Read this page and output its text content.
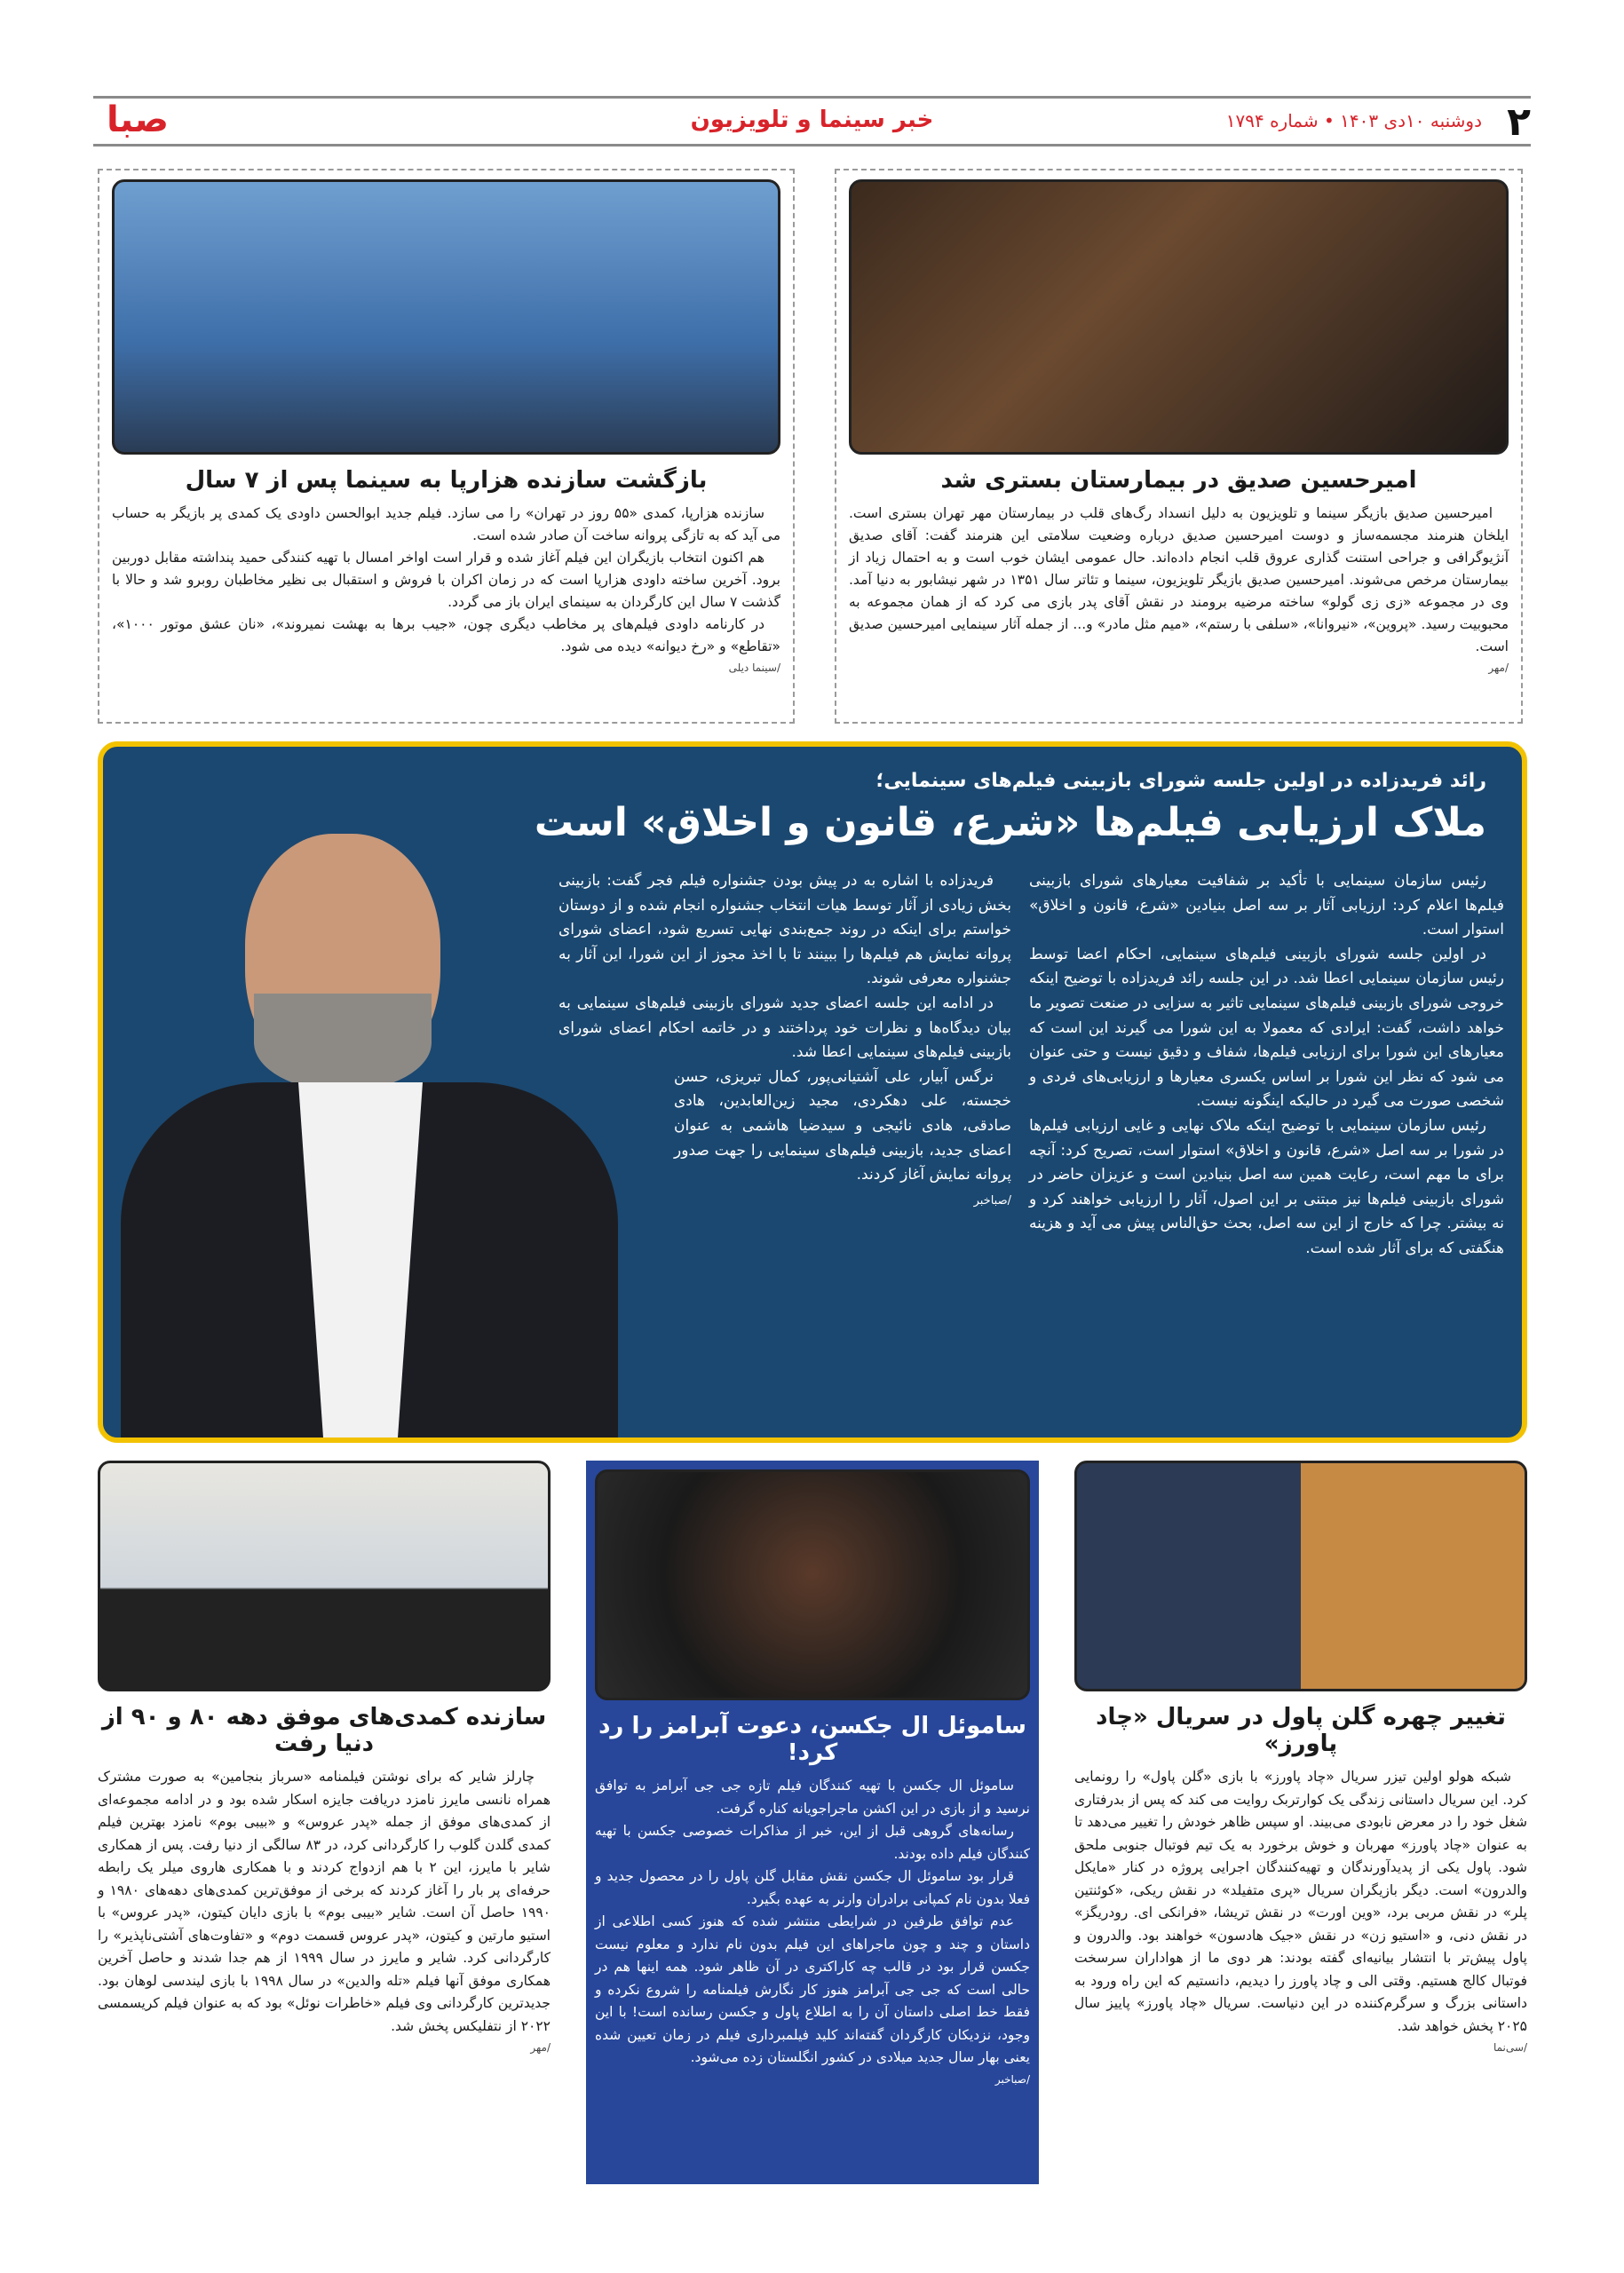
۲
دوشنبه ۱۰دی ۱۴۰۳ • شماره ۱۷۹۴
خبر سینما و تلویزیون
صبا
امیرحسین صدیق در بیمارستان بستری شد

امیرحسین صدیق بازیگر سینما و تلویزیون به دلیل انسداد رگ‌های قلب در بیمارستان مهر تهران بستری است. ایلخان هنرمند مجسمه‌ساز و دوست امیرحسین صدیق درباره وضعیت سلامتی این هنرمند گفت: آقای صدیق آنژیوگرافی و جراحی استنت گذاری عروق قلب انجام داده‌اند. حال عمومی ایشان خوب است و به احتمال زیاد از بیمارستان مرخص می‌شوند. امیرحسین صدیق بازیگر تلویزیون، سینما و تئاتر سال ۱۳۵۱ در شهر نیشابور به دنیا آمد. وی در مجموعه «زی زی گولو» ساخته مرضیه برومند در نقش آقای پدر بازی می کرد که از همان مجموعه به محبوبیت رسید. «پروین»، «نیروانا»، «سلفی با رستم»، «میم مثل مادر» و... از جمله آثار سینمایی امیرحسین صدیق است.

/مهر
بازگشت سازنده هزارپا به سینما پس از ۷ سال

سازنده هزارپا، کمدی «۵۵ روز در تهران» را می سازد. فیلم جدید ابوالحسن داودی یک کمدی پر بازیگر به حساب می آید که به تازگی پروانه ساخت آن صادر شده است.

هم اکنون انتخاب بازیگران این فیلم آغاز شده و قرار است اواخر امسال با تهیه کنندگی حمید پنداشته مقابل دوربین برود. آخرین ساخته داودی هزارپا است که در زمان اکران با فروش و استقبال بی نظیر مخاطبان روبرو شد و حالا با گذشت ۷ سال این کارگردان به سینمای ایران باز می گردد.

در کارنامه داودی فیلم‌های پر مخاطب دیگری چون، «جیب برها به بهشت نمیروند»، «نان عشق موتور ۱۰۰۰»، «تقاطع» و «رخ دیوانه» دیده می شود.

/سینما دیلی
رائد فریدزاده در اولین جلسه شورای بازبینی فیلم‌های سینمایی؛
ملاک ارزیابی فیلم‌ها «شرع، قانون و اخلاق» است

رئیس سازمان سینمایی با تأکید بر شفافیت معیارهای شورای بازبینی فیلم‌ها اعلام کرد: ارزیابی آثار بر سه اصل بنیادین «شرع، قانون و اخلاق» استوار است.

در اولین جلسه شورای بازبینی فیلم‌های سینمایی، احکام اعضا توسط رئیس سازمان سینمایی اعطا شد. در این جلسه رائد فریدزاده با توضیح اینکه خروجی شورای بازبینی فیلم‌های سینمایی تاثیر به سزایی در صنعت تصویر ما خواهد داشت، گفت: ایرادی که معمولا به این شورا می گیرند این است که معیارهای این شورا برای ارزیابی فیلم‌ها، شفاف و دقیق نیست و حتی عنوان می شود که نظر این شورا بر اساس یکسری معیارها و ارزیابی‌های فردی و شخصی صورت می گیرد در حالیکه اینگونه نیست.

رئیس سازمان سینمایی با توضیح اینکه ملاک نهایی و غایی ارزیابی فیلم‌ها در شورا بر سه اصل «شرع، قانون و اخلاق» استوار است، تصریح کرد: آنچه برای ما مهم است، رعایت همین سه اصل بنیادین است و عزیزان حاضر در شورای بازبینی فیلم‌ها نیز مبتنی بر این اصول، آثار را ارزیابی خواهند کرد و نه بیشتر. چرا که خارج از این سه اصل، بحث حق‌الناس پیش می آید و هزینه هنگفتی که برای آثار شده است.

فریدزاده با اشاره به در پیش بودن جشنواره فیلم فجر گفت: بازبینی بخش زیادی از آثار توسط هیات انتخاب جشنواره انجام شده و از دوستان خواستم برای اینکه در روند جمع‌بندی نهایی تسریع شود، اعضای شورای پروانه نمایش هم فیلم‌ها را ببینند تا با اخذ مجوز از این شورا، این آثار به جشنواره معرفی شوند.

در ادامه این جلسه اعضای جدید شورای بازبینی فیلم‌های سینمایی به بیان دیدگاه‌ها و نظرات خود پرداختند و در خاتمه احکام اعضای شورای بازبینی فیلم‌های سینمایی اعطا شد.

نرگس آبیار، علی آشتیانی‌پور، کمال تبریزی، حسن خجسته، علی دهکردی، مجید زین‌العابدین، هادی صادقی، هادی نائیجی و سیدضیا هاشمی به عنوان اعضای جدید، بازبینی فیلم‌های سینمایی را جهت صدور پروانه نمایش آغاز کردند.

/صباخبر
تغییر چهره گلن پاول در سریال «چاد پاورز»

شبکه هولو اولین تیزر سریال «چاد پاورز» با بازی «گلن پاول» را رونمایی کرد. این سریال داستانی زندگی یک کوارتربک روایت می کند که پس از بدرفتاری شغل خود را در معرض نابودی می‌بیند. او سپس ظاهر خودش را تغییر می‌دهد تا به عنوان «چاد پاورز» مهربان و خوش برخورد به یک تیم فوتبال جنوبی ملحق شود. پاول یکی از پدیدآورندگان و تهیه‌کنندگان اجرایی پروژه در کنار «مایکل والدرون» است. دیگر بازیگران سریال «پری متفیلد» در نقش ریکی، «کوئنتین پلر» در نقش مربی برد، «وین اورت» در نقش تریشا، «فرانکی ای. رودریگز» در نقش دنی، و «استیو زن» در نقش «جیک هادسون» خواهند بود. والدرون و پاول پیش‌تر با انتشار بیانیه‌ای گفته بودند: هر دوی ما از هواداران سرسخت فوتبال کالج هستیم. وقتی الی و چاد پاورز را دیدیم، دانستیم که این راه ورود به داستانی بزرگ و سرگرم‌کننده در این دنیاست. سریال «چاد پاورز» پاییز سال ۲۰۲۵ پخش خواهد شد.

/سی‌نما
ساموئل ال جکسن، دعوت آبرامز را رد کرد!

ساموئل ال جکسن با تهیه کنندگان فیلم تازه جی جی آبرامز به توافق نرسید و از بازی در این اکشن ماجراجویانه کناره گرفت.

رسانه‌های گروهی قبل از این، خبر از مذاکرات خصوصی جکسن با تهیه کنندگان فیلم داده بودند.

قرار بود ساموئل ال جکسن نقش مقابل گلن پاول را در محصول جدید و فعلا بدون نام کمپانی برادران وارنر به عهده بگیرد.

عدم توافق طرفین در شرایطی منتشر شده که هنوز کسی اطلاعی از داستان و چند و چون ماجراهای این فیلم بدون نام ندارد و معلوم نیست جکسن قرار بود در قالب چه کاراکتری در آن ظاهر شود. همه اینها هم در حالی است که جی جی آبرامز هنوز کار نگارش فیلمنامه را شروع نکرده و فقط خط اصلی داستان آن را به اطلاع پاول و جکسن رسانده است! با این وجود، نزدیکان کارگردان گفته‌اند کلید فیلمبرداری فیلم در زمان تعیین شده یعنی بهار سال جدید میلادی در کشور انگلستان زده می‌شود.

/صباخبر
سازنده کمدی‌های موفق دهه ۸۰ و ۹۰ از دنیا رفت

چارلز شایر که برای نوشتن فیلمنامه «سرباز بنجامین» به صورت مشترک همراه نانسی مایرز نامزد دریافت جایزه اسکار شده بود و در ادامه مجموعه‌ای از کمدی‌های موفق از جمله «پدر عروس» و «بیبی بوم» نامزد بهترین فیلم کمدی گلدن گلوب را کارگردانی کرد، در ۸۳ سالگی از دنیا رفت. پس از همکاری شایر با مایرز، این ۲ با هم ازدواج کردند و با همکاری هاروی میلر یک رابطه حرفه‌ای پر بار را آغاز کردند که برخی از موفق‌ترین کمدی‌های دهه‌های ۱۹۸۰ و ۱۹۹۰ حاصل آن است. شایر «بیبی بوم» با بازی دایان کیتون، «پدر عروس» با استیو مارتین و کیتون، «پدر عروس قسمت دوم» و «تفاوت‌های آشتی‌ناپذیر» را کارگردانی کرد. شایر و مایرز در سال ۱۹۹۹ از هم جدا شدند و حاصل آخرین همکاری موفق آنها فیلم «تله والدین» در سال ۱۹۹۸ با بازی لیندسی لوهان بود. جدیدترین کارگردانی وی فیلم «خاطرات نوئل» بود که به عنوان فیلم کریسمسی ۲۰۲۲ از نتفلیکس پخش شد.

/مهر
